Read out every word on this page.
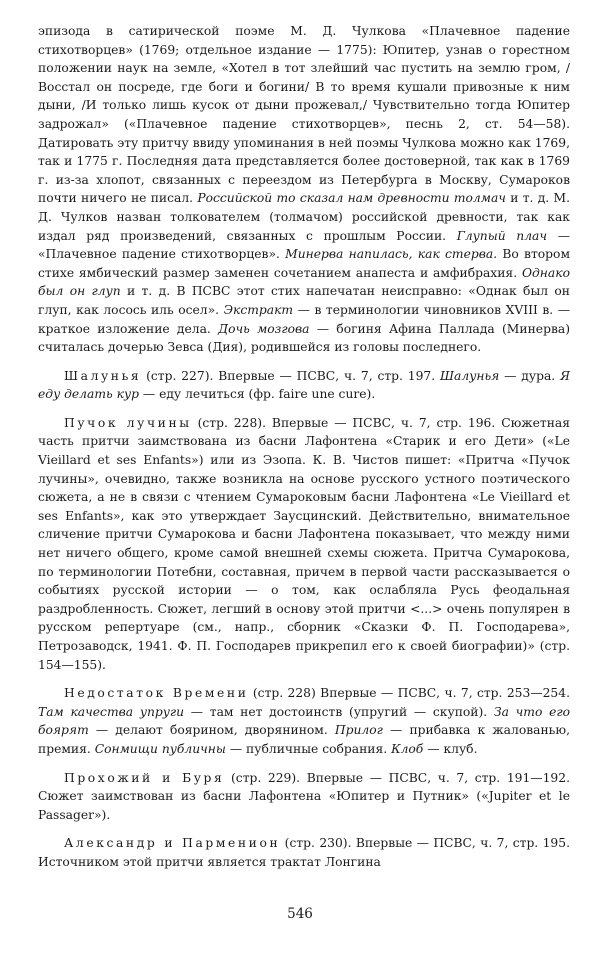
эпизода в сатирической поэме М. Д. Чулкова «Плачевное падение стихотворцев» (1769; отдельное издание — 1775): Юпитер, узнав о горестном положении наук на земле, «Хотел в тот злейший час пустить на землю гром, /Восстал он посреде, где боги и богини/ В то время кушали привозные к ним дыни, /И только лишь кусок от дыни прожевал,/ Чувствительно тогда Юпитер задрожал» («Плачевное падение стихотворцев», песнь 2, ст. 54—58). Датировать эту притчу ввиду упоминания в ней поэмы Чулкова можно как 1769, так и 1775 г. Последняя дата представляется более достоверной, так как в 1769 г. из-за хлопот, связанных с переездом из Петербурга в Москву, Сумароков почти ничего не писал. Российской то сказал нам древности толмач и т. д. М. Д. Чулков назван толкователем (толмачом) российской древности, так как издал ряд произведений, связанных с прошлым России. Глупый плач — «Плачевное падение стихотворцев». Минерва напилась, как стерва. Во втором стихе ямбический размер заменен сочетанием анапеста и амфибрахия. Однако был он глуп и т. д. В ПСВС этот стих напечатан неисправно: «Однак был он глуп, как лосось иль осел». Экстракт — в терминологии чиновников XVIII в. — краткое изложение дела. Дочь мозгова — богиня Афина Паллада (Минерва) считалась дочерью Зевса (Дия), родившейся из головы последнего.

Шалунья (стр. 227). Впервые — ПСВС, ч. 7, стр. 197. Шалунья — дура. Я еду делать кур — еду лечиться (фр. faire une cure).

Пучок лучины (стр. 228). Впервые — ПСВС, ч. 7, стр. 196. Сюжетная часть притчи заимствована из басни Лафонтена «Старик и его Дети» («Le Vieillard et ses Enfants») или из Эзопа. К. В. Чистов пишет: «Притча «Пучок лучины», очевидно, также возникла на основе русского устного поэтического сюжета, а не в связи с чтением Сумароковым басни Лафонтена «Le Vieillard et ses Enfants», как это утверждает Заусцинский. Действительно, внимательное сличение притчи Сумарокова и басни Лафонтена показывает, что между ними нет ничего общего, кроме самой внешней схемы сюжета. Притча Сумарокова, по терминологии Потебни, составная, причем в первой части рассказывается о событиях русской истории — о том, как ослаблялa Русь феодальная раздробленность. Сюжет, легший в основу этой притчи <...> очень популярен в русском репертуаре (см., напр., сборник «Сказки Ф. П. Господарева», Петрозаводск, 1941. Ф. П. Господарев прикрепил его к своей биографии)» (стр. 154—155).

Недостаток Времени (стр. 228) Впервые — ПСВС, ч. 7, стр. 253—254. Там качества упруги — там нет достоинств (упругий — скупой). За что его боярят — делают боярином, дворянином. Прилог — прибавка к жалованью, премия. Сонмищи публичны — публичные собрания. Клоб — клуб.

Прохожий и Буря (стр. 229). Впервые — ПСВС, ч. 7, стр. 191—192. Сюжет заимствован из басни Лафонтена «Юпитер и Путник» («Jupiter et le Passager»).

Александр и Парменион (стр. 230). Впервые — ПСВС, ч. 7, стр. 195. Источником этой притчи является трактат Лонгина

546
